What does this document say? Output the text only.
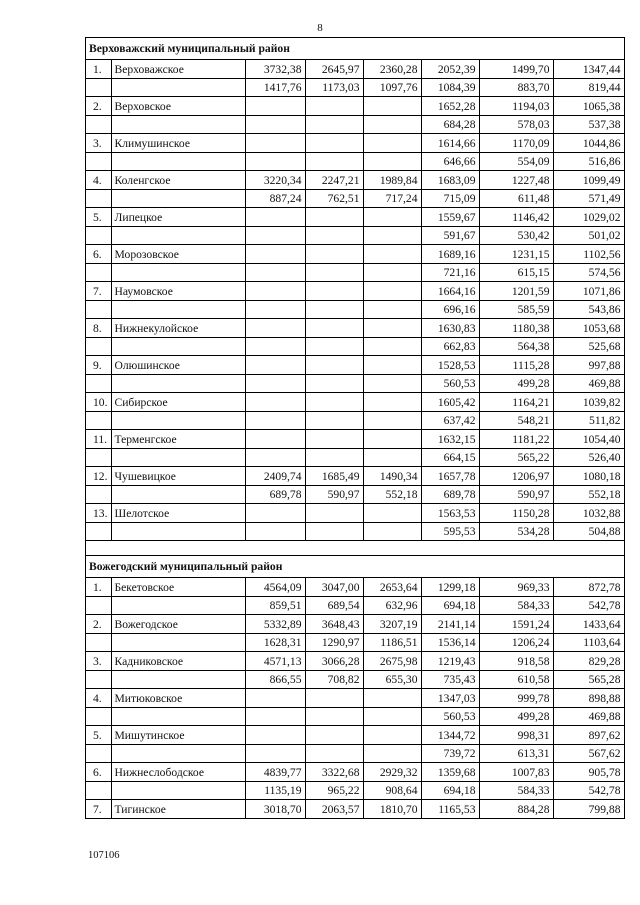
8
Верховажский муниципальный район							
1.	Верховажское	3732,38	2645,97	2360,28	2052,39	1499,70	1347,44
		1417,76	1173,03	1097,76	1084,39	883,70	819,44
2.	Верховское				1652,28	1194,03	1065,38
					684,28	578,03	537,38
3.	Климушинское				1614,66	1170,09	1044,86
					646,66	554,09	516,86
4.	Коленгское	3220,34	2247,21	1989,84	1683,09	1227,48	1099,49
		887,24	762,51	717,24	715,09	611,48	571,49
5.	Липецкое				1559,67	1146,42	1029,02
					591,67	530,42	501,02
6.	Морозовское				1689,16	1231,15	1102,56
					721,16	615,15	574,56
7.	Наумовское				1664,16	1201,59	1071,86
					696,16	585,59	543,86
8.	Нижнекулойское				1630,83	1180,38	1053,68
					662,83	564,38	525,68
9.	Олюшинское				1528,53	1115,28	997,88
					560,53	499,28	469,88
10.	Сибирское				1605,42	1164,21	1039,82
					637,42	548,21	511,82
11.	Терменгское				1632,15	1181,22	1054,40
					664,15	565,22	526,40
12.	Чушевицкое	2409,74	1685,49	1490,34	1657,78	1206,97	1080,18
		689,78	590,97	552,18	689,78	590,97	552,18
13.	Шелотское				1563,53	1150,28	1032,88
					595,53	534,28	504,88

Вожегодский муниципальный район							
1.	Бекетовское	4564,09	3047,00	2653,64	1299,18	969,33	872,78
		859,51	689,54	632,96	694,18	584,33	542,78
2.	Вожегодское	5332,89	3648,43	3207,19	2141,14	1591,24	1433,64
		1628,31	1290,97	1186,51	1536,14	1206,24	1103,64
3.	Кадниковское	4571,13	3066,28	2675,98	1219,43	918,58	829,28
		866,55	708,82	655,30	735,43	610,58	565,28
4.	Митюковское				1347,03	999,78	898,88
					560,53	499,28	469,88
5.	Мишутинское				1344,72	998,31	897,62
					739,72	613,31	567,62
6.	Нижнеслободское	4839,77	3322,68	2929,32	1359,68	1007,83	905,78
		1135,19	965,22	908,64	694,18	584,33	542,78
7.	Тигинское	3018,70	2063,57	1810,70	1165,53	884,28	799,88
107106
